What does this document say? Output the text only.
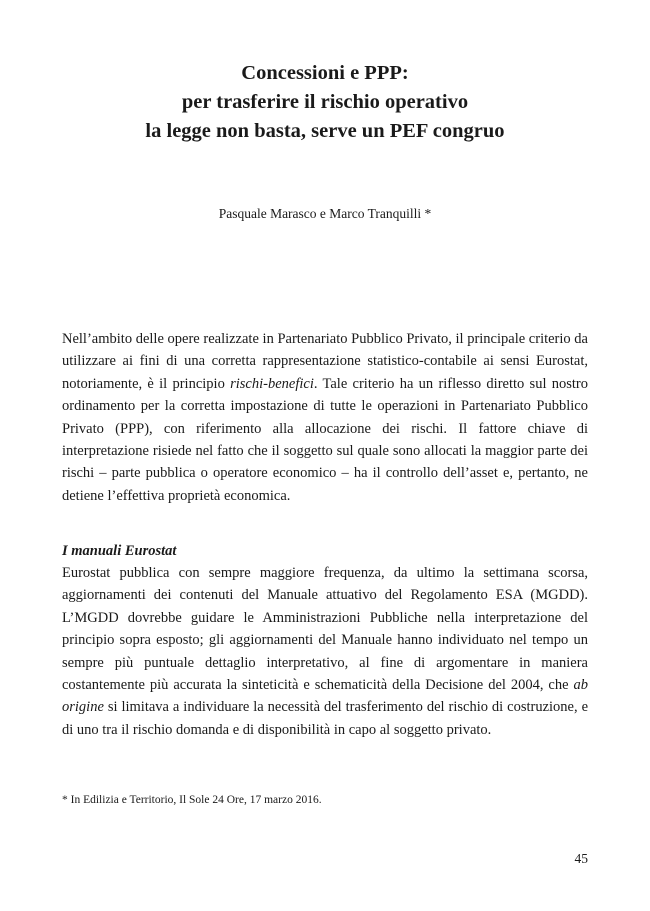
Concessioni e PPP:
per trasferire il rischio operativo
la legge non basta, serve un PEF congruo

Pasquale Marasco e Marco Tranquilli *

Nell’ambito delle opere realizzate in Partenariato Pubblico Privato, il principale criterio da utilizzare ai fini di una corretta rappresentazione statistico-contabile ai sensi Eurostat, notoriamente, è il principio rischi-benefici. Tale criterio ha un riflesso diretto sul nostro ordinamento per la corretta impostazione di tutte le operazioni in Partenariato Pubblico Privato (PPP), con riferimento alla allocazione dei rischi. Il fattore chiave di interpretazione risiede nel fatto che il soggetto sul quale sono allocati la maggior parte dei rischi – parte pubblica o operatore economico – ha il controllo dell’asset e, pertanto, ne detiene l’effettiva proprietà economica.

I manuali Eurostat

Eurostat pubblica con sempre maggiore frequenza, da ultimo la settimana scorsa, aggiornamenti dei contenuti del Manuale attuativo del Regolamento ESA (MGDD). L’MGDD dovrebbe guidare le Amministrazioni Pubbliche nella interpretazione del principio sopra esposto; gli aggiornamenti del Manuale hanno individuato nel tempo un sempre più puntuale dettaglio interpretativo, al fine di argomentare in maniera costantemente più accurata la sinteticità e schematicità della Decisione del 2004, che ab origine si limitava a individuare la necessità del trasferimento del rischio di costruzione, e di uno tra il rischio domanda e di disponibilità in capo al soggetto privato.

* In Edilizia e Territorio, Il Sole 24 Ore, 17 marzo 2016.

45
